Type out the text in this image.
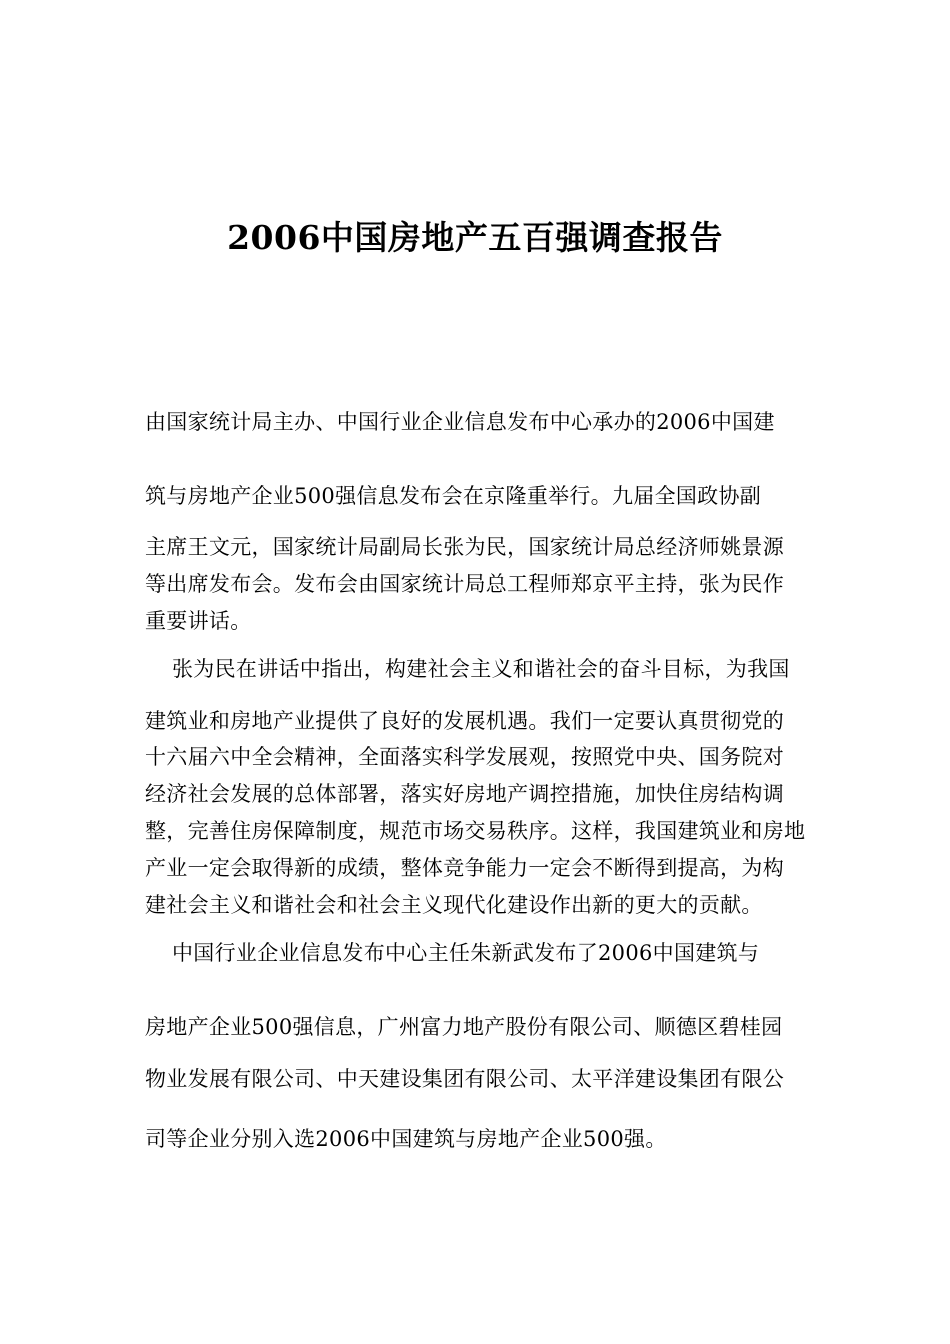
2006中国房地产五百强调查报告

由国家统计局主办、中国行业企业信息发布中心承办的2006中国建

筑与房地产企业500强信息发布会在京隆重举行。九届全国政协副

主席王文元，国家统计局副局长张为民，国家统计局总经济师姚景源

等出席发布会。发布会由国家统计局总工程师郑京平主持，张为民作

重要讲话。

张为民在讲话中指出，构建社会主义和谐社会的奋斗目标，为我国

建筑业和房地产业提供了良好的发展机遇。我们一定要认真贯彻党的

十六届六中全会精神，全面落实科学发展观，按照党中央、国务院对

经济社会发展的总体部署，落实好房地产调控措施，加快住房结构调

整，完善住房保障制度，规范市场交易秩序。这样，我国建筑业和房地

产业一定会取得新的成绩，整体竞争能力一定会不断得到提高，为构

建社会主义和谐社会和社会主义现代化建设作出新的更大的贡献。

中国行业企业信息发布中心主任朱新武发布了2006中国建筑与

房地产企业500强信息，广州富力地产股份有限公司、顺德区碧桂园

物业发展有限公司、中天建设集团有限公司、太平洋建设集团有限公

司等企业分别入选2006中国建筑与房地产企业500强。
